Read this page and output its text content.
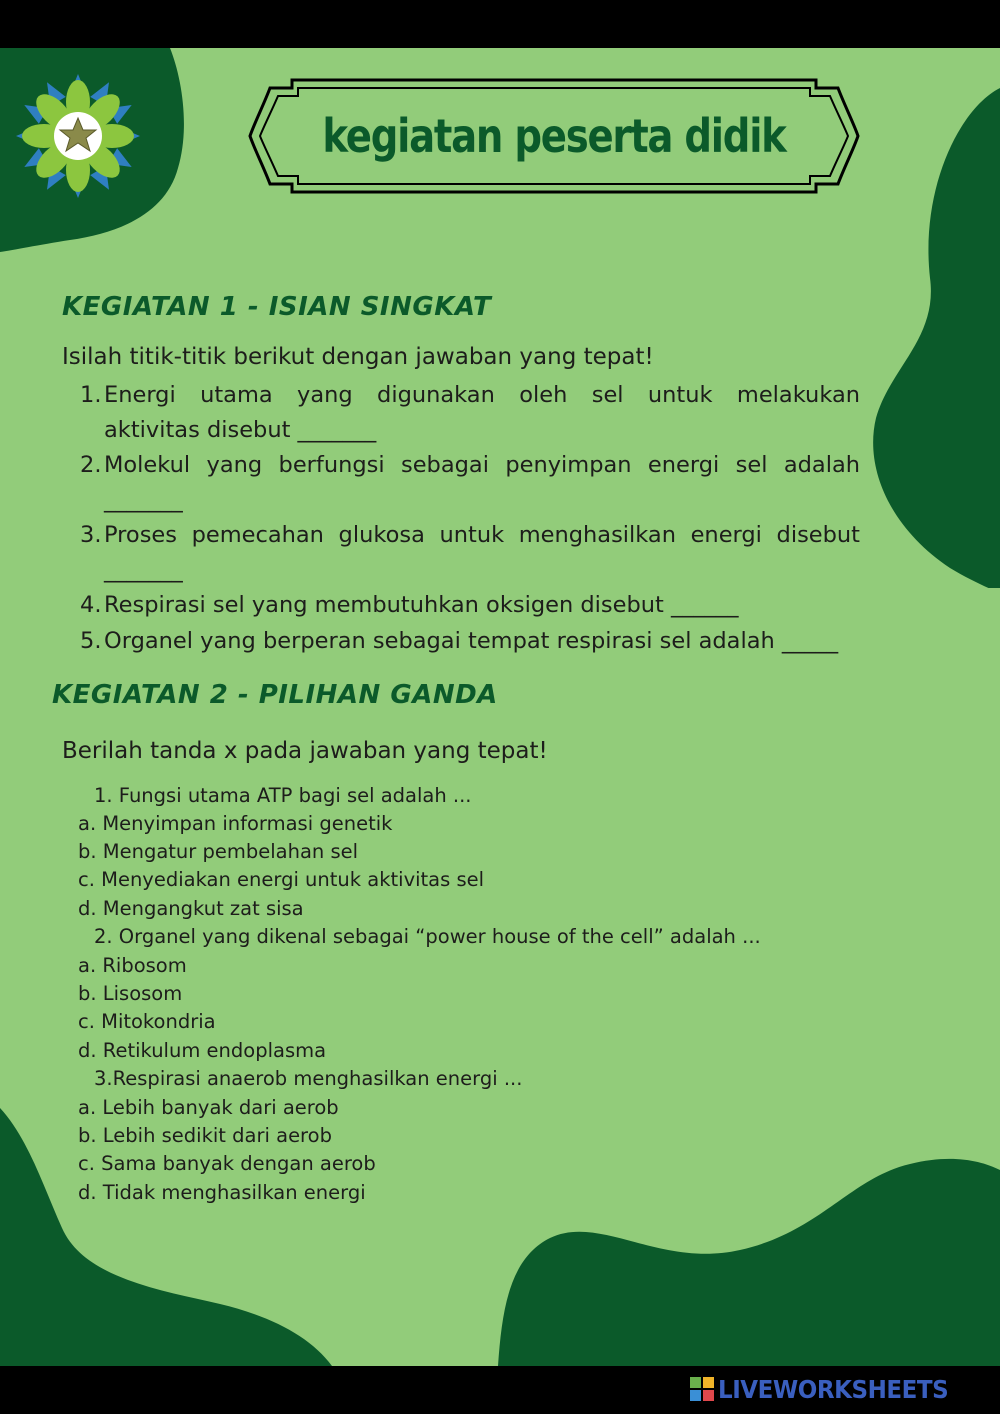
kegiatan peserta didik
KEGIATAN 1 - ISIAN SINGKAT
Isilah titik-titik berikut dengan jawaban yang tepat!
1. Energi utama yang digunakan oleh sel untuk melakukan
aktivitas disebut _______
2. Molekul yang berfungsi sebagai penyimpan energi sel adalah
_______
3. Proses pemecahan glukosa untuk menghasilkan energi disebut
_______
4. Respirasi sel yang membutuhkan oksigen disebut ______
5. Organel yang berperan sebagai tempat respirasi sel adalah _____
KEGIATAN 2 - PILIHAN GANDA
Berilah tanda x pada jawaban yang tepat!
1. Fungsi utama ATP bagi sel adalah ...
a. Menyimpan informasi genetik
b. Mengatur pembelahan sel
c. Menyediakan energi untuk aktivitas sel
d. Mengangkut zat sisa
2. Organel yang dikenal sebagai “power house of the cell” adalah ...
a. Ribosom
b. Lisosom
c. Mitokondria
d. Retikulum endoplasma
3.Respirasi anaerob menghasilkan energi ...
a. Lebih banyak dari aerob
b. Lebih sedikit dari aerob
c. Sama banyak dengan aerob
d. Tidak menghasilkan energi
LIVEWORKSHEETS
